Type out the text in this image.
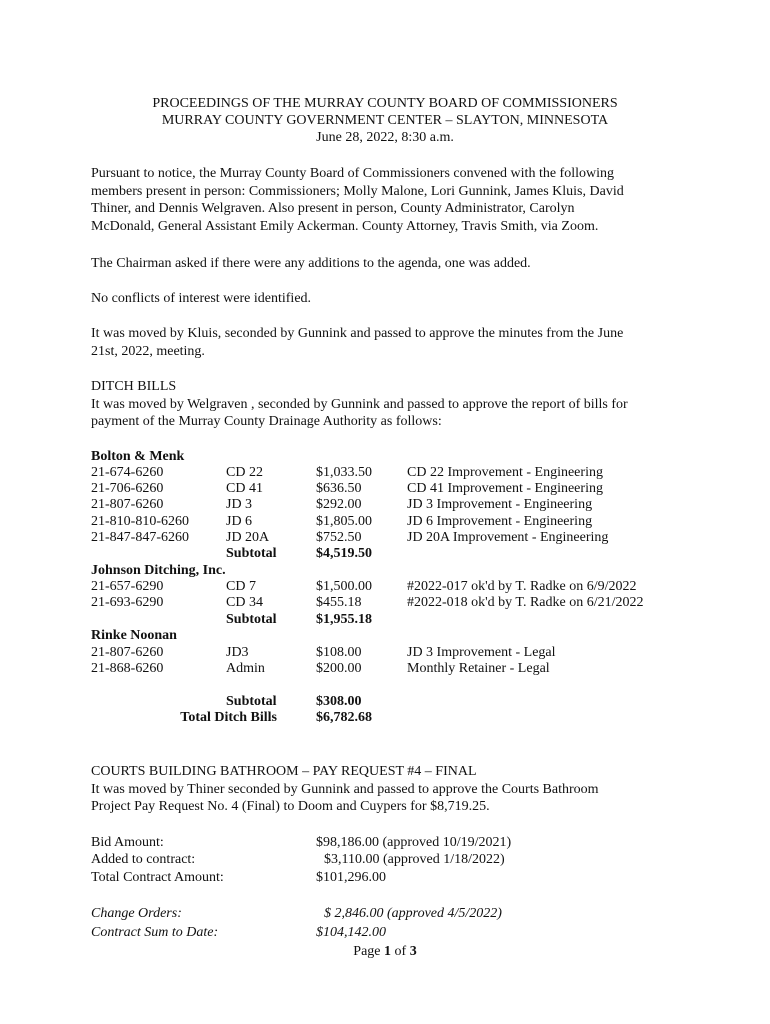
PROCEEDINGS OF THE MURRAY COUNTY BOARD OF COMMISSIONERS
MURRAY COUNTY GOVERNMENT CENTER – SLAYTON, MINNESOTA
June 28, 2022, 8:30 a.m.
Pursuant to notice, the Murray County Board of Commissioners convened with the following
members present in person: Commissioners; Molly Malone, Lori Gunnink, James Kluis, David
Thiner, and Dennis Welgraven. Also present in person, County Administrator, Carolyn
McDonald, General Assistant Emily Ackerman. County Attorney, Travis Smith, via Zoom.
The Chairman asked if there were any additions to the agenda, one was added.
No conflicts of interest were identified.
It was moved by Kluis, seconded by Gunnink and passed to approve the minutes from the June
21st, 2022, meeting.
DITCH BILLS
It was moved by Welgraven , seconded by Gunnink and passed to approve the report of bills for
payment of the Murray County Drainage Authority as follows:
Bolton & Menk
21-674-6260	CD 22	$1,033.50	CD 22 Improvement - Engineering
21-706-6260	CD 41	$636.50	CD 41 Improvement - Engineering
21-807-6260	JD 3	$292.00	JD 3 Improvement - Engineering
21-810-810-6260	JD 6	$1,805.00	JD 6 Improvement - Engineering
21-847-847-6260	JD 20A	$752.50	JD 20A Improvement - Engineering
Subtotal	$4,519.50
Johnson Ditching, Inc.
21-657-6290	CD 7	$1,500.00	#2022-017 ok'd by T. Radke on 6/9/2022
21-693-6290	CD 34	$455.18	#2022-018 ok'd by T. Radke on 6/21/2022
Subtotal	$1,955.18
Rinke Noonan
21-807-6260	JD3	$108.00	JD 3 Improvement - Legal
21-868-6260	Admin	$200.00	Monthly Retainer - Legal
Subtotal	$308.00
Total Ditch Bills	$6,782.68
COURTS BUILDING BATHROOM – PAY REQUEST #4 – FINAL
It was moved by Thiner seconded by Gunnink and passed to approve the Courts Bathroom
Project Pay Request No. 4 (Final) to Doom and Cuypers for $8,719.25.
Bid Amount:	$98,186.00 (approved 10/19/2021)
Added to contract:	$3,110.00 (approved 1/18/2022)
Total Contract Amount:	$101,296.00
Change Orders:	$ 2,846.00 (approved 4/5/2022)
Contract Sum to Date:	$104,142.00
Page 1 of 3
